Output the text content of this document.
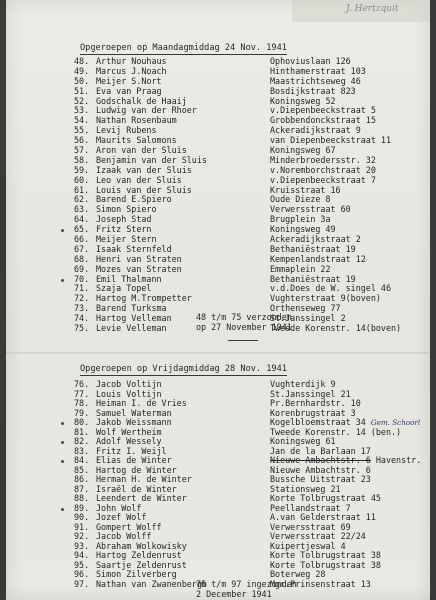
J. Hertzquit
Opgeroepen op Maandagmiddag 24 Nov. 1941
48. Arthur Nouhaus	Ophoviuslaan 126
49. Marcus J.Noach	Hinthamerstraat 103
50. Meijer S.Nort	Maastrichtseweg 46
51. Eva van Praag	Bosdijkstraat 823
52. Godschalk de Haaij	Koningsweg 52
53. Ludwig van der Rhoer	v.Diepenbeeckstraat 5
54. Nathan Rosenbaum	Grobbendonckstraat 15
55. Levij Rubens	Ackeradijkstraat 9
56. Maurits Salomons	van Diepenbeeckstraat 11
57. Aron van der Sluis	Koningsweg 67
58. Benjamin van der Sluis	Minderbroedersstr. 32
59. Izaak van der Sluis	v.Noremborchstraat 20
60. Leo van der Sluis	v.Diepenbeeckstraat 7
61. Louis van der Sluis	Kruisstraat 16
62. Barend E.Spiero	Oude Dieze 8
63. Simon Spiero	Verwersstraat 60
64. Joseph Stad	Brugplein 3a
65. Fritz Stern	Koningsweg 49
66. Meijer Stern	Ackeradijkstraat 2
67. Isaak Sternfeld	Bethaniëstraat 19
68. Henri van Straten	Kempenlandstraat 12
69. Mozes van Straten	Emmaplein 22
70. Emil Thalmann	Bethaniëstraat 19
71. Szaja Topel	v.d.Does de W. singel 46
72. Hartog M.Trompetter	Vughterstraat 9(boven)
73. Barend Turksma	Orthenseweg 77
74. Hartog Velleman	St.Janssingel 2
75. Levie Velleman	Tweede Korenstr. 14(boven)
48 t/m 75 verzonden
op 27 November 1941
Opgeroepen op Vrijdagmiddag 28 Nov. 1941
76. Jacob Voltijn	Vughterdijk 9
77. Louis Voltijn	St.Janssingel 21
78. Heiman I. de Vries	Pr.Bernhardstr. 10
79. Samuel Waterman	Korenbrugstraat 3
80. Jakob Weissmann	Kogelbloemstraat 34 Gem. Schoorl
81. Wolf Wertheim	Tweede Korenstr. 14 (ben.)
82. Adolf Wessely	Koningsweg 61
83. Fritz I. Weijl	Jan de la Barlaan 17
84. Elias de Winter	Nieuwe Ambachtstr. 6 Havenstr.
85. Hartog de Winter	Nieuwe Ambachtstr. 6
86. Herman H. de Winter	Bussche Uitstraat 23
87. Israël de Winter	Stationsweg 21
88. Leendert de Winter	Korte Tolbrugstraat 45
89. John Wolf	Peellandstraat 7
90. Jozef Wolf	A.van Gelderstraat 11
91. Gompert Wolff	Verwersstraat 69
92. Jacob Wolff	Verwersstraat 22/24
93. Abraham Wolkowisky	Kuipertjeswal 4
94. Hartog Zeldenrust	Korte Tolbrugstraat 38
95. Saartje Zeldenrust	Korte Tolbrugstraat 38
96. Simon Zilverberg	Boterweg 28
97. Nathan van Zwanenbergh	Mgr.Prinsenstraat 13
76 t/m 97 ingezonden
2 December 1941
